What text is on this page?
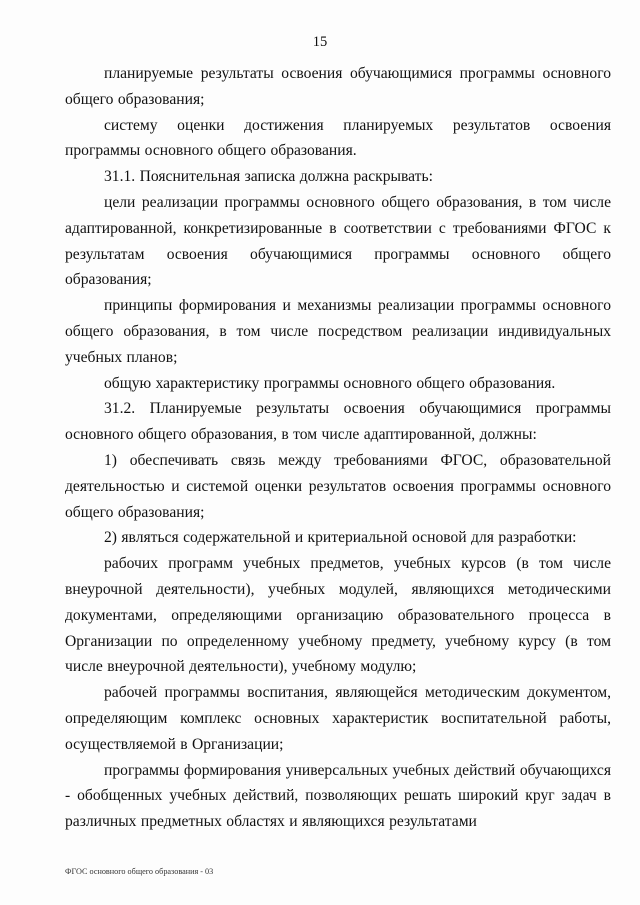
15

планируемые результаты освоения обучающимися программы основного общего образования;

систему оценки достижения планируемых результатов освоения программы основного общего образования.

31.1. Пояснительная записка должна раскрывать:

цели реализации программы основного общего образования, в том числе адаптированной, конкретизированные в соответствии с требованиями ФГОС к результатам освоения обучающимися программы основного общего образования;

принципы формирования и механизмы реализации программы основного общего образования, в том числе посредством реализации индивидуальных учебных планов;

общую характеристику программы основного общего образования.

31.2. Планируемые результаты освоения обучающимися программы основного общего образования, в том числе адаптированной, должны:

1) обеспечивать связь между требованиями ФГОС, образовательной деятельностью и системой оценки результатов освоения программы основного общего образования;

2) являться содержательной и критериальной основой для разработки:

рабочих программ учебных предметов, учебных курсов (в том числе внеурочной деятельности), учебных модулей, являющихся методическими документами, определяющими организацию образовательного процесса в Организации по определенному учебному предмету, учебному курсу (в том числе внеурочной деятельности), учебному модулю;

рабочей программы воспитания, являющейся методическим документом, определяющим комплекс основных характеристик воспитательной работы, осуществляемой в Организации;

программы формирования универсальных учебных действий обучающихся - обобщенных учебных действий, позволяющих решать широкий круг задач в различных предметных областях и являющихся результатами

ФГОС основного общего образования - 03
